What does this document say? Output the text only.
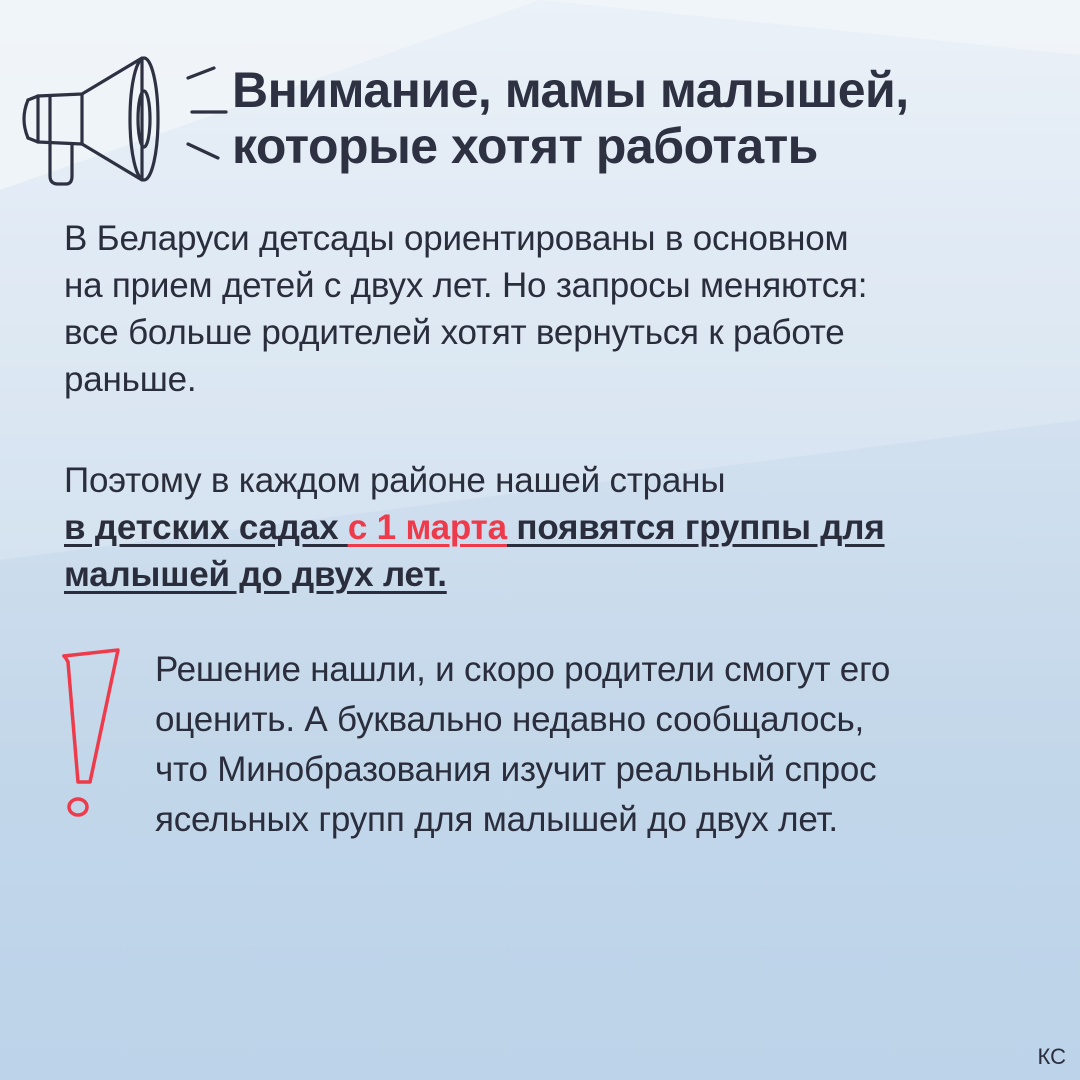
Внимание, мамы малышей,
которые хотят работать

В Беларуси детсады ориентированы в основном
на прием детей с двух лет. Но запросы меняются:
все больше родителей хотят вернуться к работе
раньше.

Поэтому в каждом районе нашей страны
в детских садах с 1 марта появятся группы для
малышей до двух лет.

Решение нашли, и скоро родители смогут его
оценить. А буквально недавно сообщалось,
что Минобразования изучит реальный спрос
ясельных групп для малышей до двух лет.

КС
